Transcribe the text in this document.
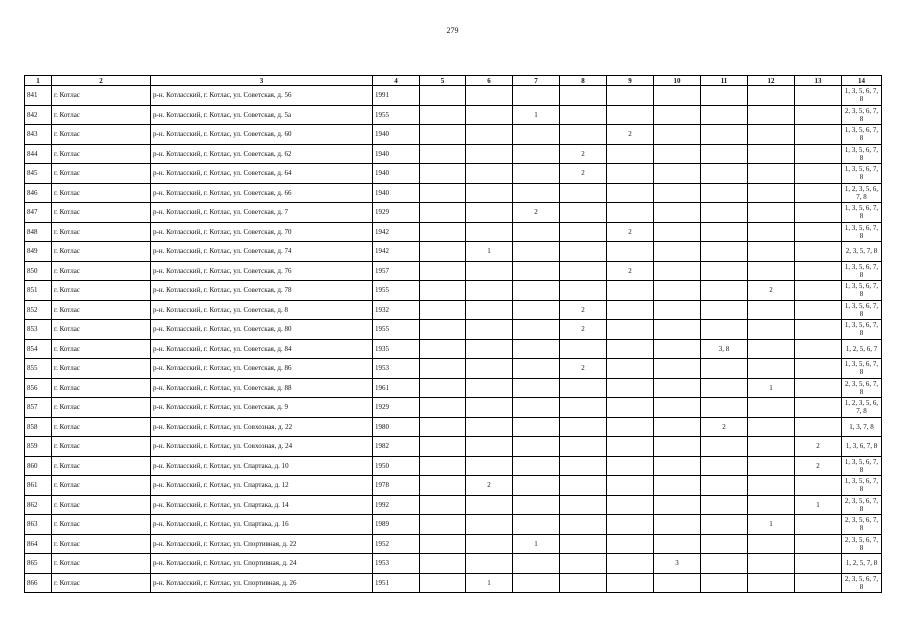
279
1	2	3	4	5	6	7	8	9	10	11	12	13	14
841	г. Котлас	р-н. Котласский, г. Котлас, ул. Советская, д. 56	1991										1, 3, 5, 6, 7, 8
842	г. Котлас	р-н. Котласский, г. Котлас, ул. Советская, д. 5а	1955			1							2, 3, 5, 6, 7, 8
843	г. Котлас	р-н. Котласский, г. Котлас, ул. Советская, д. 60	1940					2					1, 3, 5, 6, 7, 8
844	г. Котлас	р-н. Котласский, г. Котлас, ул. Советская, д. 62	1940				2						1, 3, 5, 6, 7, 8
845	г. Котлас	р-н. Котласский, г. Котлас, ул. Советская, д. 64	1940				2						1, 3, 5, 6, 7, 8
846	г. Котлас	р-н. Котласский, г. Котлас, ул. Советская, д. 66	1940										1, 2, 3, 5, 6, 7, 8
847	г. Котлас	р-н. Котласский, г. Котлас, ул. Советская, д. 7	1929			2							1, 3, 5, 6, 7, 8
848	г. Котлас	р-н. Котласский, г. Котлас, ул. Советская, д. 70	1942					2					1, 3, 5, 6, 7, 8
849	г. Котлас	р-н. Котласский, г. Котлас, ул. Советская, д. 74	1942		1								2, 3, 5, 7, 8
850	г. Котлас	р-н. Котласский, г. Котлас, ул. Советская, д. 76	1957					2					1, 3, 5, 6, 7, 8
851	г. Котлас	р-н. Котласский, г. Котлас, ул. Советская, д. 78	1955								2		1, 3, 5, 6, 7, 8
852	г. Котлас	р-н. Котласский, г. Котлас, ул. Советская, д. 8	1932				2						1, 3, 5, 6, 7, 8
853	г. Котлас	р-н. Котласский, г. Котлас, ул. Советская, д. 80	1955				2						1, 3, 5, 6, 7, 8
854	г. Котлас	р-н. Котласский, г. Котлас, ул. Советская, д. 84	1935							3, 8			1, 2, 5, 6, 7
855	г. Котлас	р-н. Котласский, г. Котлас, ул. Советская, д. 86	1953				2						1, 3, 5, 6, 7, 8
856	г. Котлас	р-н. Котласский, г. Котлас, ул. Советская, д. 88	1961								1		2, 3, 5, 6, 7, 8
857	г. Котлас	р-н. Котласский, г. Котлас, ул. Советская, д. 9	1929										1, 2, 3, 5, 6, 7, 8
858	г. Котлас	р-н. Котласский, г. Котлас, ул. Совхозная, д. 22	1980							2			1, 3, 7, 8
859	г. Котлас	р-н. Котласский, г. Котлас, ул. Совхозная, д. 24	1982									2	1, 3, 6, 7, 8
860	г. Котлас	р-н. Котласский, г. Котлас, ул. Спартака, д. 10	1950									2	1, 3, 5, 6, 7, 8
861	г. Котлас	р-н. Котласский, г. Котлас, ул. Спартака, д. 12	1978		2								1, 3, 5, 6, 7, 8
862	г. Котлас	р-н. Котласский, г. Котлас, ул. Спартака, д. 14	1992									1	2, 3, 5, 6, 7, 8
863	г. Котлас	р-н. Котласский, г. Котлас, ул. Спартака, д. 16	1989								1		2, 3, 5, 6, 7, 8
864	г. Котлас	р-н. Котласский, г. Котлас, ул. Спортивная, д. 22	1952			1							2, 3, 5, 6, 7, 8
865	г. Котлас	р-н. Котласский, г. Котлас, ул. Спортивная, д. 24	1953						3				1, 2, 5, 7, 8
866	г. Котлас	р-н. Котласский, г. Котлас, ул. Спортивная, д. 26	1951		1								2, 3, 5, 6, 7, 8
